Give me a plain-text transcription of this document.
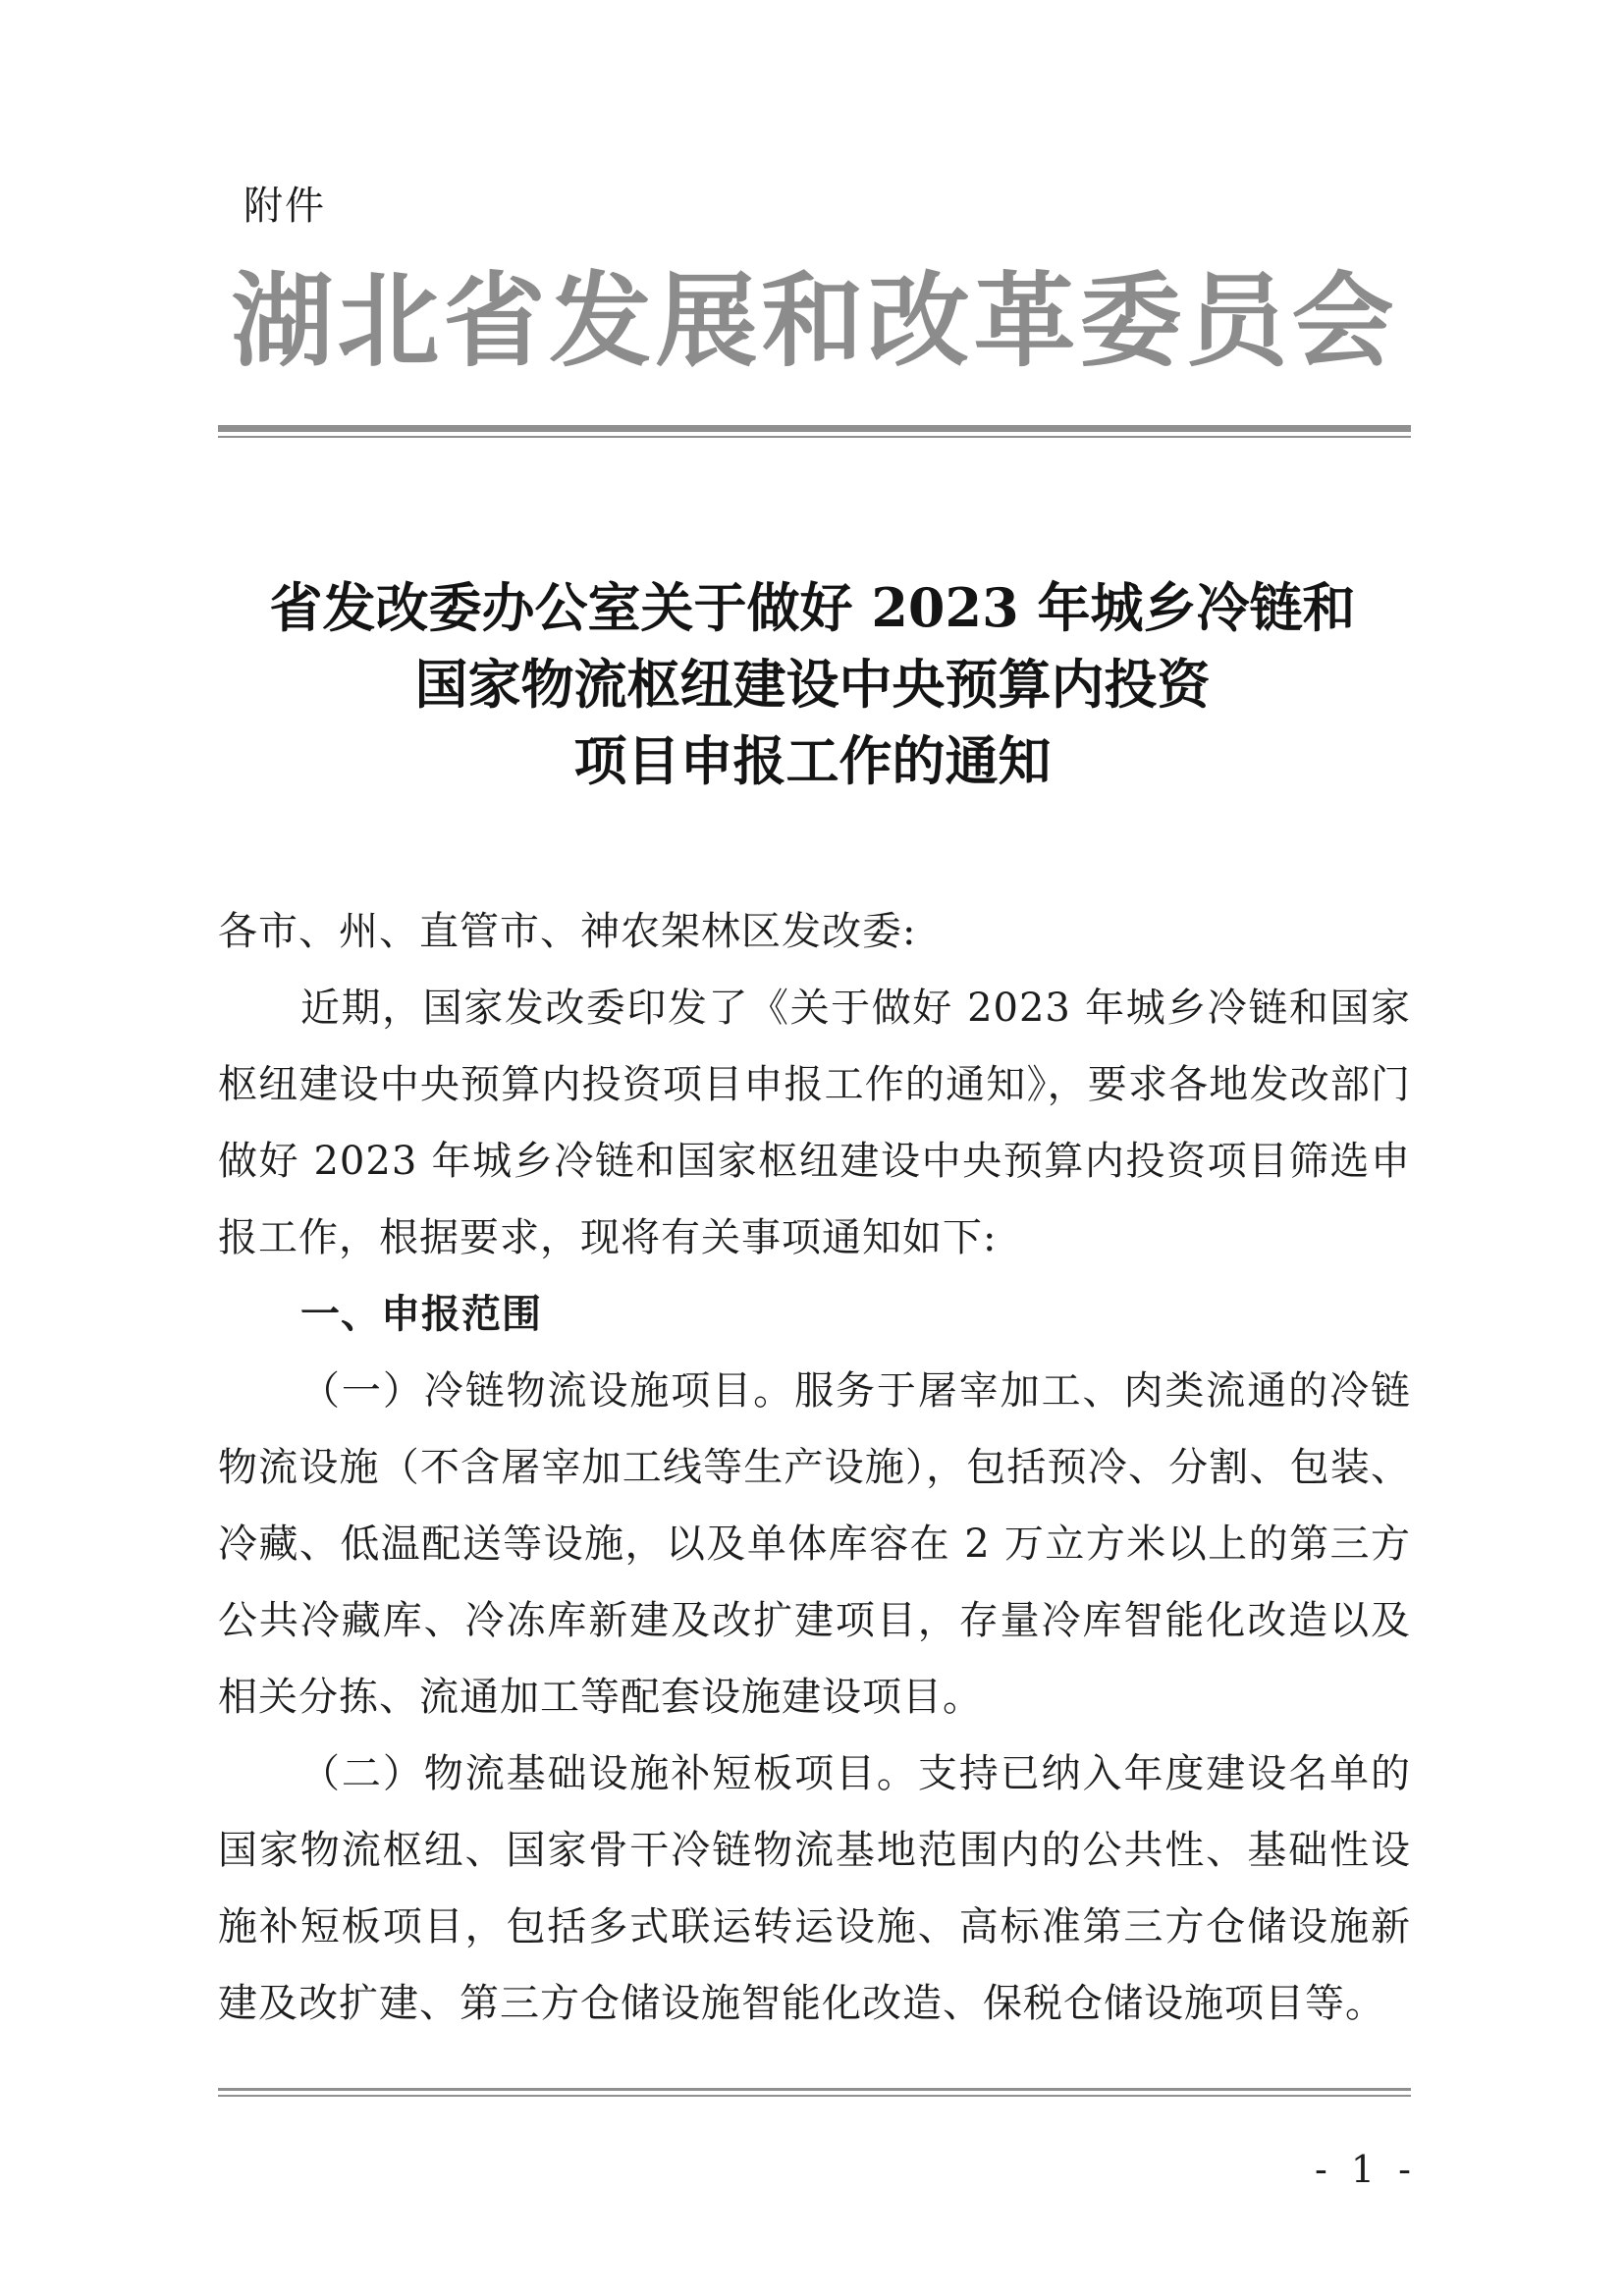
附件
湖北省发展和改革委员会
省发改委办公室关于做好 2023 年城乡冷链和
国家物流枢纽建设中央预算内投资
项目申报工作的通知

各市、州、直管市、神农架林区发改委:

近期，国家发改委印发了《关于做好 2023 年城乡冷链和国家枢纽建设中央预算内投资项目申报工作的通知》，要求各地发改部门做好 2023 年城乡冷链和国家枢纽建设中央预算内投资项目筛选申报工作，根据要求，现将有关事项通知如下:

一、申报范围

（一）冷链物流设施项目。服务于屠宰加工、肉类流通的冷链物流设施（不含屠宰加工线等生产设施），包括预冷、分割、包装、冷藏、低温配送等设施，以及单体库容在 2 万立方米以上的第三方公共冷藏库、冷冻库新建及改扩建项目，存量冷库智能化改造以及相关分拣、流通加工等配套设施建设项目。

（二）物流基础设施补短板项目。支持已纳入年度建设名单的国家物流枢纽、国家骨干冷链物流基地范围内的公共性、基础性设施补短板项目，包括多式联运转运设施、高标准第三方仓储设施新建及改扩建、第三方仓储设施智能化改造、保税仓储设施项目等。

- 1 -
